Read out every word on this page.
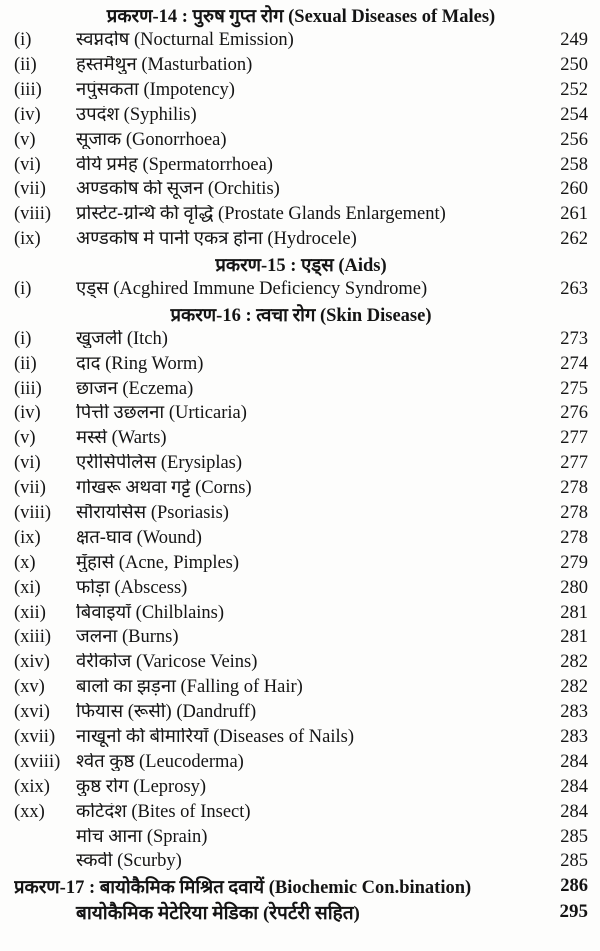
प्रकरण-14 : पुरुष गुप्त रोग (Sexual Diseases of Males)
(i)	स्वप्नदोष (Nocturnal Emission)	249
(ii)	हस्तमैथुन (Masturbation)	250
(iii)	नपुंसकता (Impotency)	252
(iv)	उपदंश (Syphilis)	254
(v)	सूजाक (Gonorrhoea)	256
(vi)	वीर्य प्रमेह (Spermatorrhoea)	258
(vii)	अण्डकोष की सूजन (Orchitis)	260
(viii)	प्रोस्टेट-ग्रन्थि की वृद्धि (Prostate Glands Enlargement)	261
(ix)	अण्डकोष में पानी एकत्र होना (Hydrocele)	262
प्रकरण-15 : एड्स (Aids)
(i)	एड्स (Acghired Immune Deficiency Syndrome)	263
प्रकरण-16 : त्वचा रोग (Skin Disease)
(i)	खुजली (Itch)	273
(ii)	दाद (Ring Worm)	274
(iii)	छाजन (Eczema)	275
(iv)	पित्ती उछलना (Urticaria)	276
(v)	मस्से (Warts)	277
(vi)	एरीसिपेलिस (Erysiplas)	277
(vii)	गोखरू अथवा गट्टे (Corns)	278
(viii)	सौरायसिस (Psoriasis)	278
(ix)	क्षत-घाव (Wound)	278
(x)	मुँहासे (Acne, Pimples)	279
(xi)	फोड़ा (Abscess)	280
(xii)	बिवाइयाँ (Chilblains)	281
(xiii)	जलना (Burns)	281
(xiv)	वेरीकोज (Varicose Veins)	282
(xv)	बालों का झड़ना (Falling of Hair)	282
(xvi)	फियास (रूसी) (Dandruff)	283
(xvii)	नाखूनों की बीमारियाँ (Diseases of Nails)	283
(xviii) श्वेत कुष्ठ (Leucoderma)	284
(xix)	कुष्ठ रोग (Leprosy)	284
(xx)	कटिदंश (Bites of Insect)	284
मोच आना (Sprain)	285
स्कर्वी (Scurby)	285
प्रकरण-17 : बायोकैमिक मिश्रित दवायें (Biochemic Con.bination)	286
बायोकैमिक मेटेरिया मेडिका (रेपर्टरी सहित)	295
